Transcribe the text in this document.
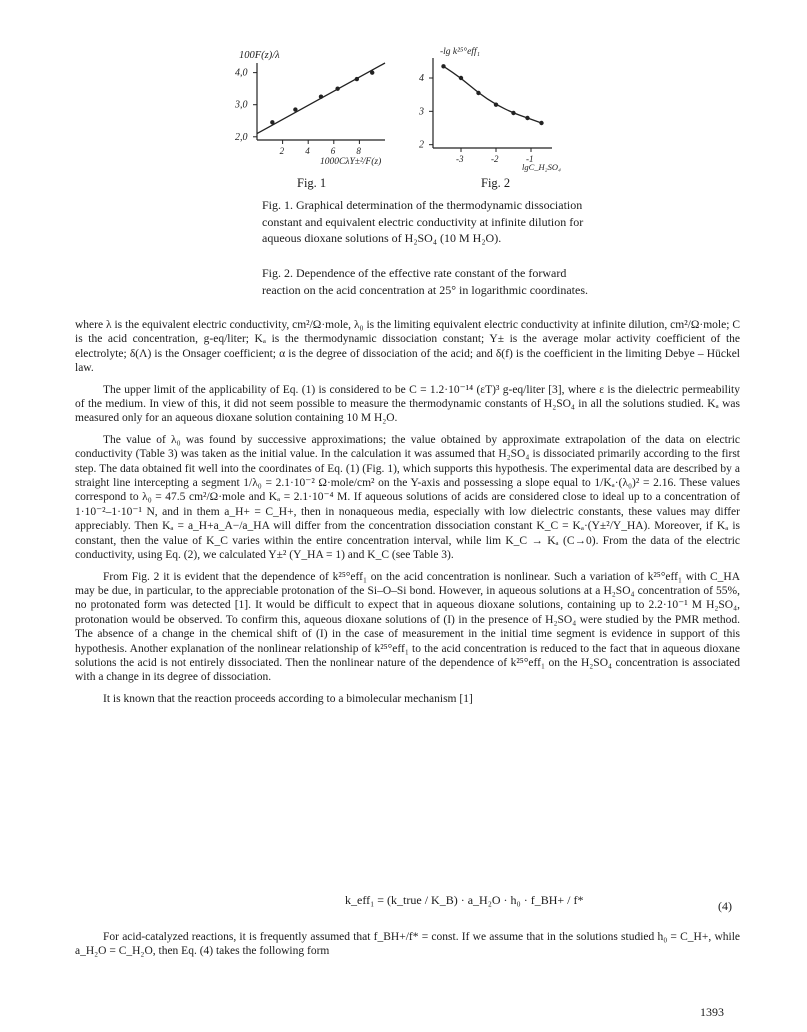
100F(z)/λ
1000CλY±²/F(z)
2 4 6 8
2,0
3,0
4,0
-lg k²⁵°eff₁
lgC_H₂SO₄
-3	-2	-1
2
3
4
Fig. 1	Fig. 2
Fig. 1. Graphical determination of the thermodynamic dissociation constant and equivalent electric conductivity at infinite dilution for aqueous dioxane solutions of H₂SO₄ (10 M H₂O).
Fig. 2. Dependence of the effective rate constant of the forward reaction on the acid concentration at 25° in logarithmic coordinates.

where λ is the equivalent electric conductivity, cm²/Ω·mole, λ₀ is the limiting equivalent electric conductivity at infinite dilution, cm²/Ω·mole; C is the acid concentration, g-eq/liter; Kₐ is the thermodynamic dissociation constant; Y± is the average molar activity coefficient of the electrolyte; δ(Λ) is the Onsager coefficient; α is the degree of dissociation of the acid; and δ(f) is the coefficient in the limiting Debye – Hückel law.

The upper limit of the applicability of Eq. (1) is considered to be C = 1.2·10⁻¹⁴ (εT)³ g-eq/liter [3], where ε is the dielectric permeability of the medium. In view of this, it did not seem possible to measure the thermodynamic constants of H₂SO₄ in all the solutions studied. Kₐ was measured only for an aqueous dioxane solution containing 10 M H₂O.

The value of λ₀ was found by successive approximations; the value obtained by approximate extrapolation of the data on electric conductivity (Table 3) was taken as the initial value. In the calculation it was assumed that H₂SO₄ is dissociated primarily according to the first step. The data obtained fit well into the coordinates of Eq. (1) (Fig. 1), which supports this hypothesis. The experimental data are described by a straight line intercepting a segment 1/λ₀ = 2.1·10⁻² Ω·mole/cm² on the Y-axis and possessing a slope equal to 1/Kₐ·(λ₀)² = 2.16. These values correspond to λ₀ = 47.5 cm²/Ω·mole and Kₐ = 2.1·10⁻⁴ M. If aqueous solutions of acids are considered close to ideal up to a concentration of 1·10⁻²–1·10⁻¹ N, and in them a_H+ = C_H+, then in nonaqueous media, especially with low dielectric constants, these values may differ appreciably. Then Kₐ = a_H+a_A−/a_HA will differ from the concentration dissociation constant K_C = Kₐ·(Y±²/Y_HA). Moreover, if Kₐ is constant, then the value of K_C varies within the entire concentration interval, while lim K_C → Kₐ (C→0). From the data of the electric conductivity, using Eq. (2), we calculated Y±² (Y_HA = 1) and K_C (see Table 3).

From Fig. 2 it is evident that the dependence of k²⁵°eff₁ on the acid concentration is nonlinear. Such a variation of k²⁵°eff₁ with C_HA may be due, in particular, to the appreciable protonation of the Si–O–Si bond. However, in aqueous solutions at a H₂SO₄ concentration of 55%, no protonated form was detected [1]. It would be difficult to expect that in aqueous dioxane solutions, containing up to 2.2·10⁻¹ M H₂SO₄, protonation would be observed. To confirm this, aqueous dioxane solutions of (I) in the presence of H₂SO₄ were studied by the PMR method. The absence of a change in the chemical shift of (I) in the case of measurement in the initial time segment is evidence in support of this hypothesis. Another explanation of the nonlinear relationship of k²⁵°eff₁ to the acid concentration is reduced to the fact that in aqueous dioxane solutions the acid is not entirely dissociated. Then the nonlinear nature of the dependence of k²⁵°eff₁ on the H₂SO₄ concentration is associated with a change in its degree of dissociation.

It is known that the reaction proceeds according to a bimolecular mechanism [1]

k_eff₁ = (k_true / K_B) · a_H₂O · h₀ · f_BH+ / f*	(4)

For acid-catalyzed reactions, it is frequently assumed that f_BH+/f* = const. If we assume that in the solutions studied h₀ = C_H+, while a_H₂O = C_H₂O, then Eq. (4) takes the following form

1393
